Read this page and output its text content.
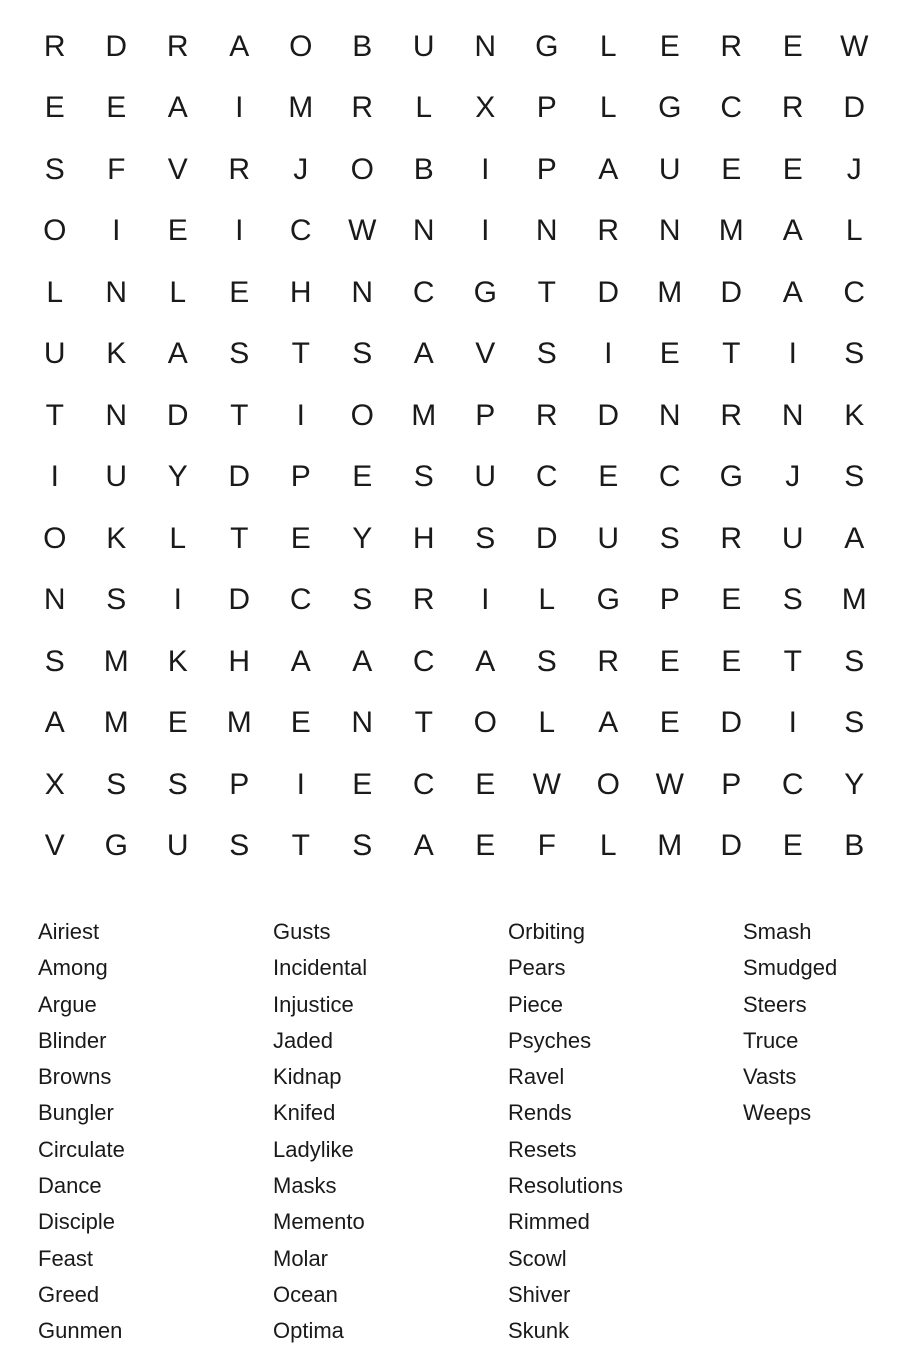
R	D	R	A	O	B	U	N	G	L	E	R	E	W
E	E	A	I	M	R	L	X	P	L	G	C	R	D
S	F	V	R	J	O	B	I	P	A	U	E	E	J
O	I	E	I	C	W	N	I	N	R	N	M	A	L
L	N	L	E	H	N	C	G	T	D	M	D	A	C
U	K	A	S	T	S	A	V	S	I	E	T	I	S
T	N	D	T	I	O	M	P	R	D	N	R	N	K
I	U	Y	D	P	E	S	U	C	E	C	G	J	S
O	K	L	T	E	Y	H	S	D	U	S	R	U	A
N	S	I	D	C	S	R	I	L	G	P	E	S	M
S	M	K	H	A	A	C	A	S	R	E	E	T	S
A	M	E	M	E	N	T	O	L	A	E	D	I	S
X	S	S	P	I	E	C	E	W	O	W	P	C	Y
V	G	U	S	T	S	A	E	F	L	M	D	E	B
Airiest
Among
Argue
Blinder
Browns
Bungler
Circulate
Dance
Disciple
Feast
Greed
Gunmen
Gusts
Incidental
Injustice
Jaded
Kidnap
Knifed
Ladylike
Masks
Memento
Molar
Ocean
Optima
Orbiting
Pears
Piece
Psyches
Ravel
Rends
Resets
Resolutions
Rimmed
Scowl
Shiver
Skunk
Smash
Smudged
Steers
Truce
Vasts
Weeps
